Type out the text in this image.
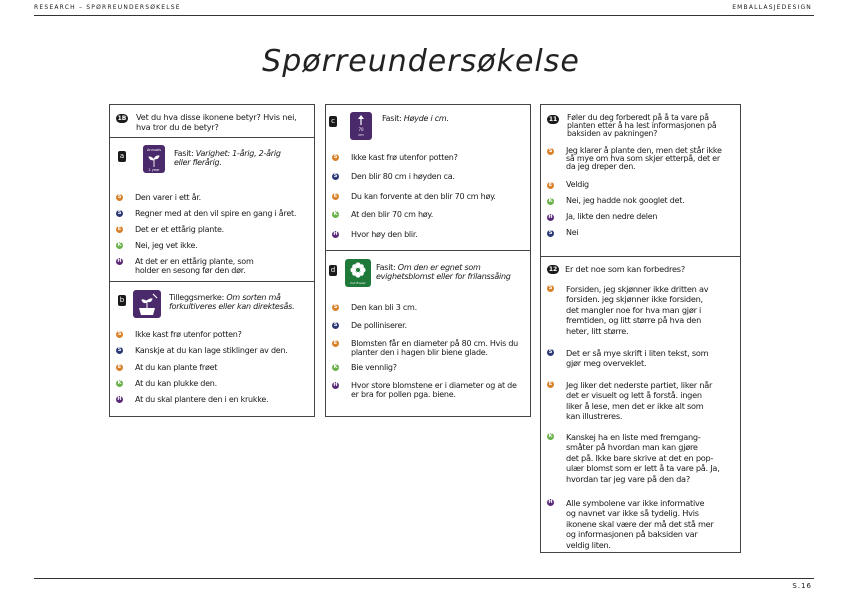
RESEARCH – SPØRREUNDERSØKELSE	EMBALLASJEDESIGN
Spørreundersøkelse
1B Vet du hva disse ikonene betyr? Hvis nei,
hva tror du de betyr?
a
Annuals
1 year
Fasit: Varighet: 1-årig, 2-årig
eller flerårig.
S Den varer i ett år.
S Regner med at den vil spire en gang i året.
E Det er et ettårig plante.
K Nei, jeg vet ikke.
H At det er en ettårig plante, som
holder en sesong før den dør.
b	Tilleggsmerke: Om sorten må
forkultiveres eller kan direktesås.
S Ikke kast frø utenfor potten?
S Kanskje at du kan lage stiklinger av den.
E At du kan plante frøet
K At du kan plukke den.
H At du skal plantere den i en krukke.
c
70
cm
Fasit: Høyde i cm.
S Ikke kast frø utenfor potten?
S Den blir 80 cm i høyden ca.
E Du kan forvente at den blir 70 cm høy.
K At den blir 70 cm høy.
H Hvor høy den blir.
d
Cut flower
Fasit: Om den er egnet som
evighetsblomst eller for frilanssåing
S Den kan bli 3 cm.
S De polliniserer.
E Blomsten får en diameter på 80 cm. Hvis du
planter den i hagen blir biene glade.
K Bie vennlig?
H Hvor store blomstene er i diameter og at de
er bra for pollen pga. biene.
11 Føler du deg forberedt på å ta vare på
planten etter å ha lest informasjonen på
baksiden av pakningen?
S Jeg klarer å plante den, men det står ikke
så mye om hva som skjer etterpå, det er
da jeg dreper den.
E Veldig
K Nei, jeg hadde nok googlet det.
H Ja, likte den nedre delen
S Nei
12 Er det noe som kan forbedres?
S Forsiden, jeg skjønner ikke dritten av
forsiden. jeg skjønner ikke forsiden,
det mangler noe for hva man gjør i
fremtiden, og litt større på hva den
heter, litt større.
S Det er så mye skrift i liten tekst, som
gjør meg overveklet.
E Jeg liker det nederste partiet, liker når
det er visuelt og lett å forstå. ingen
liker å lese, men det er ikke alt som
kan illustreres.
K Kanskej ha en liste med fremgang-
småter på hvordan man kan gjøre
det på. Ikke bare skrive at det en pop-
ulær blomst som er lett å ta vare på. Ja,
hvordan tar jeg vare på den da?
H Alle symbolene var ikke informative
og navnet var ikke så tydelig. Hvis
ikonene skal være der må det stå mer
og informasjonen på baksiden var
veldig liten.
S.16
